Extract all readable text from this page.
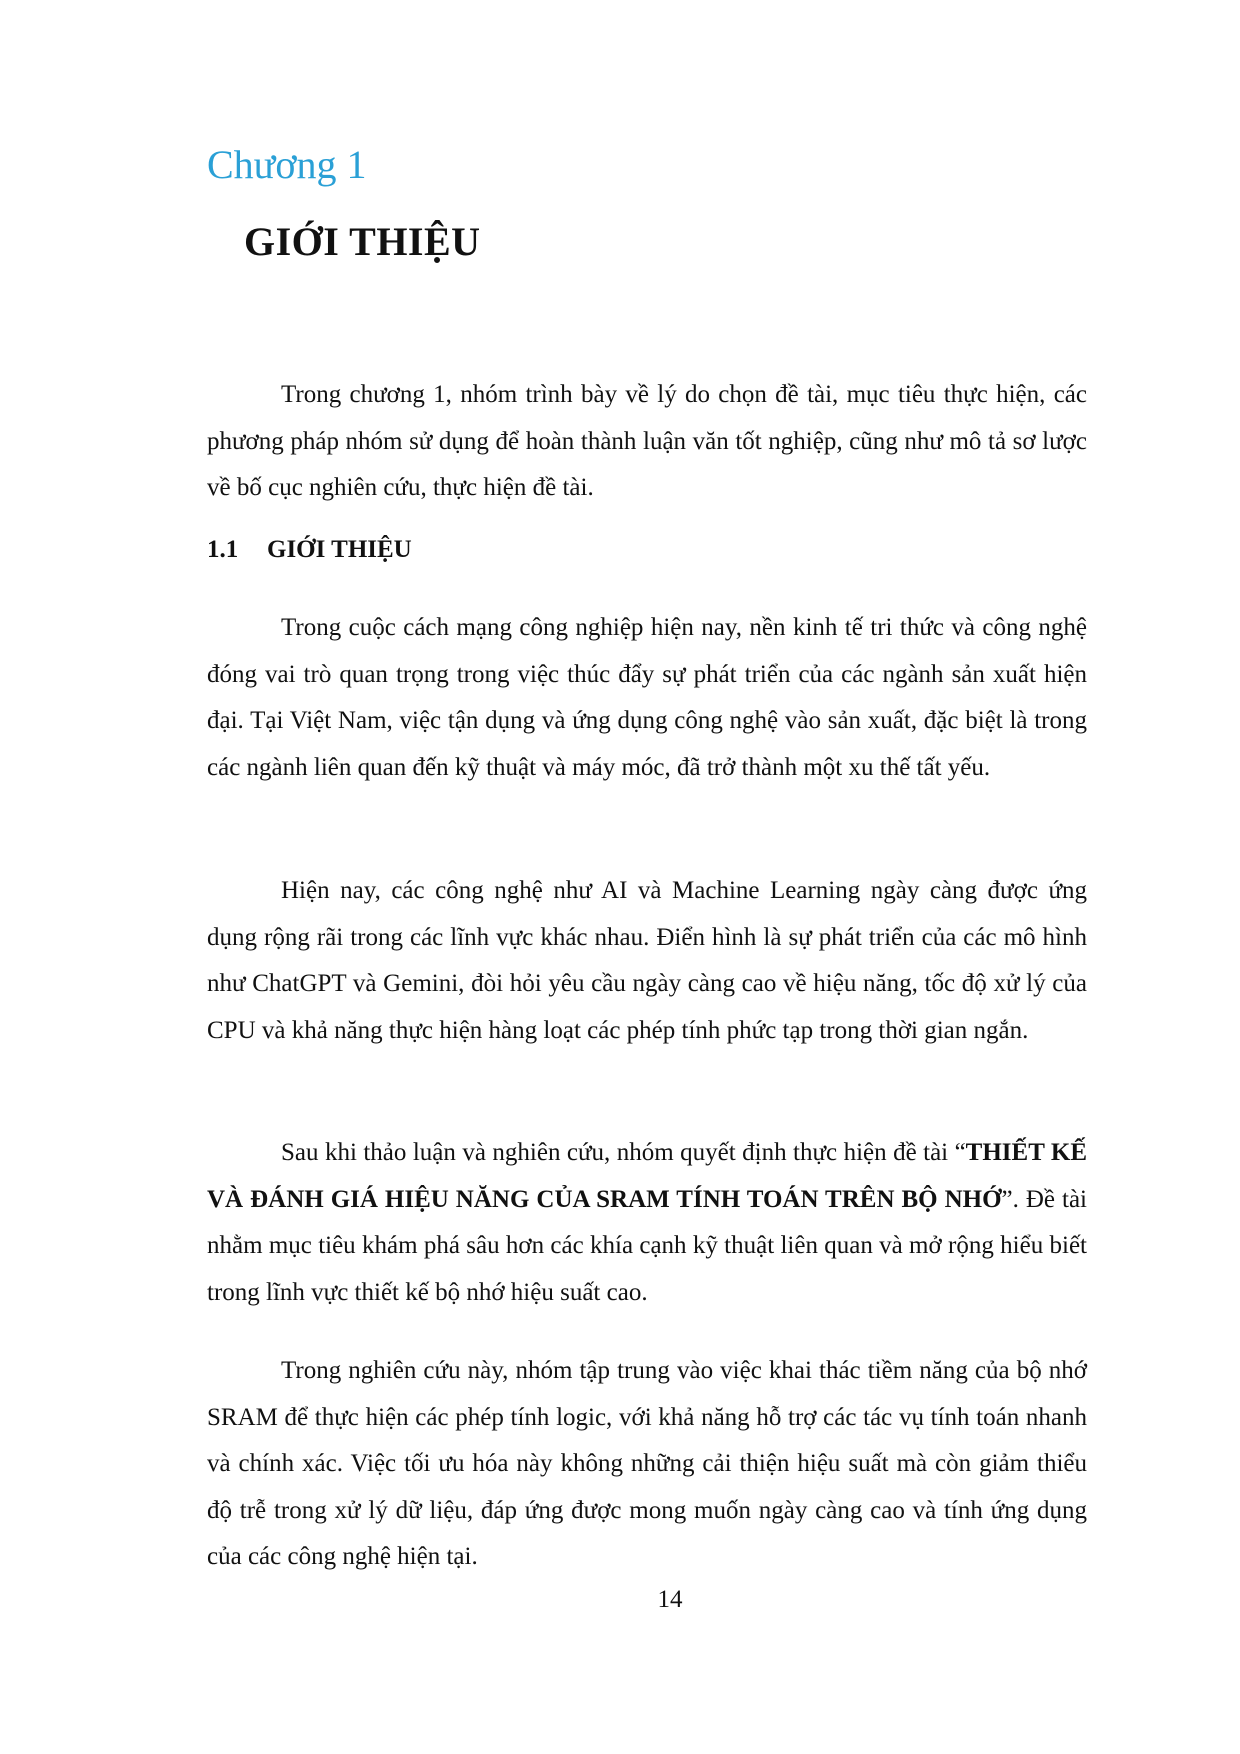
Chương 1
GIỚI THIỆU

Trong chương 1, nhóm trình bày về lý do chọn đề tài, mục tiêu thực hiện, các phương pháp nhóm sử dụng để hoàn thành luận văn tốt nghiệp, cũng như mô tả sơ lược về bố cục nghiên cứu, thực hiện đề tài.

1.1 GIỚI THIỆU

Trong cuộc cách mạng công nghiệp hiện nay, nền kinh tế tri thức và công nghệ đóng vai trò quan trọng trong việc thúc đẩy sự phát triển của các ngành sản xuất hiện đại. Tại Việt Nam, việc tận dụng và ứng dụng công nghệ vào sản xuất, đặc biệt là trong các ngành liên quan đến kỹ thuật và máy móc, đã trở thành một xu thế tất yếu.

Hiện nay, các công nghệ như AI và Machine Learning ngày càng được ứng dụng rộng rãi trong các lĩnh vực khác nhau. Điển hình là sự phát triển của các mô hình như ChatGPT và Gemini, đòi hỏi yêu cầu ngày càng cao về hiệu năng, tốc độ xử lý của CPU và khả năng thực hiện hàng loạt các phép tính phức tạp trong thời gian ngắn.

Sau khi thảo luận và nghiên cứu, nhóm quyết định thực hiện đề tài “THIẾT KẾ VÀ ĐÁNH GIÁ HIỆU NĂNG CỦA SRAM TÍNH TOÁN TRÊN BỘ NHỚ”. Đề tài nhằm mục tiêu khám phá sâu hơn các khía cạnh kỹ thuật liên quan và mở rộng hiểu biết trong lĩnh vực thiết kế bộ nhớ hiệu suất cao.

Trong nghiên cứu này, nhóm tập trung vào việc khai thác tiềm năng của bộ nhớ SRAM để thực hiện các phép tính logic, với khả năng hỗ trợ các tác vụ tính toán nhanh và chính xác. Việc tối ưu hóa này không những cải thiện hiệu suất mà còn giảm thiểu độ trễ trong xử lý dữ liệu, đáp ứng được mong muốn ngày càng cao và tính ứng dụng của các công nghệ hiện tại.

14
